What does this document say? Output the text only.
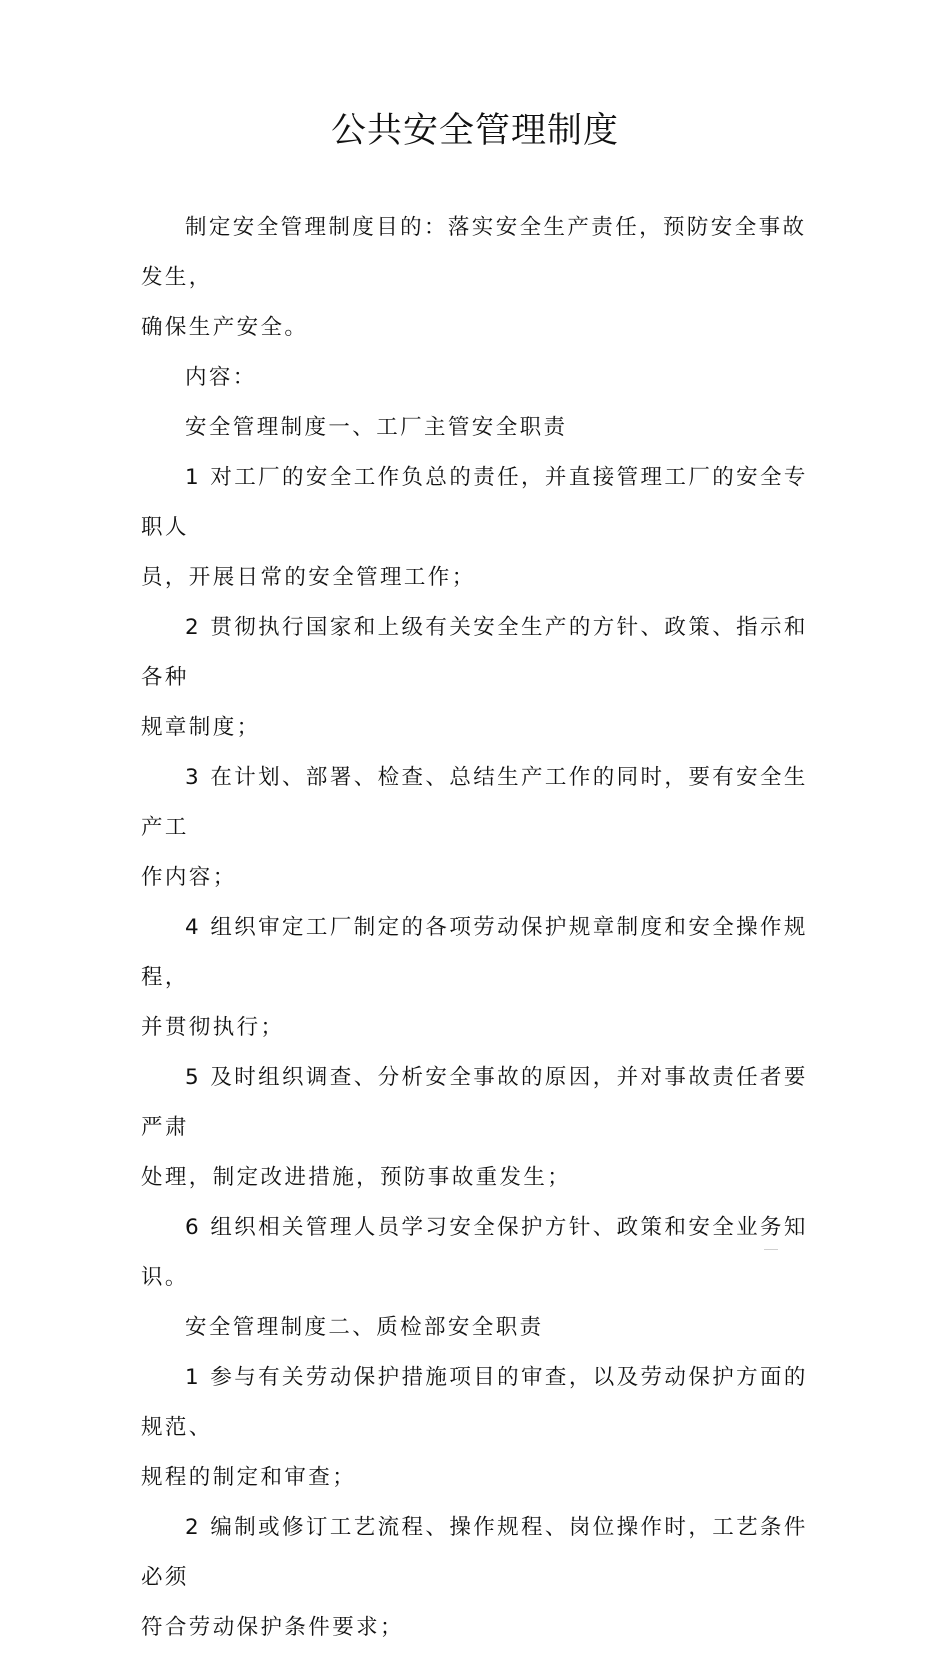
公共安全管理制度

制定安全管理制度目的：落实安全生产责任，预防安全事故发生，
确保生产安全。

内容：

安全管理制度一、工厂主管安全职责

1 对工厂的安全工作负总的责任，并直接管理工厂的安全专职人
员，开展日常的安全管理工作；

2 贯彻执行国家和上级有关安全生产的方针、政策、指示和各种
规章制度；

3 在计划、部署、检查、总结生产工作的同时，要有安全生产工
作内容；

4 组织审定工厂制定的各项劳动保护规章制度和安全操作规程，
并贯彻执行；

5 及时组织调查、分析安全事故的原因，并对事故责任者要严肃
处理，制定改进措施，预防事故重发生；

6 组织相关管理人员学习安全保护方针、政策和安全业务知识。

安全管理制度二、质检部安全职责

1 参与有关劳动保护措施项目的审查，以及劳动保护方面的规范、
规程的制定和审查；

2 编制或修订工艺流程、操作规程、岗位操作时，工艺条件必须
符合劳动保护条件要求；
